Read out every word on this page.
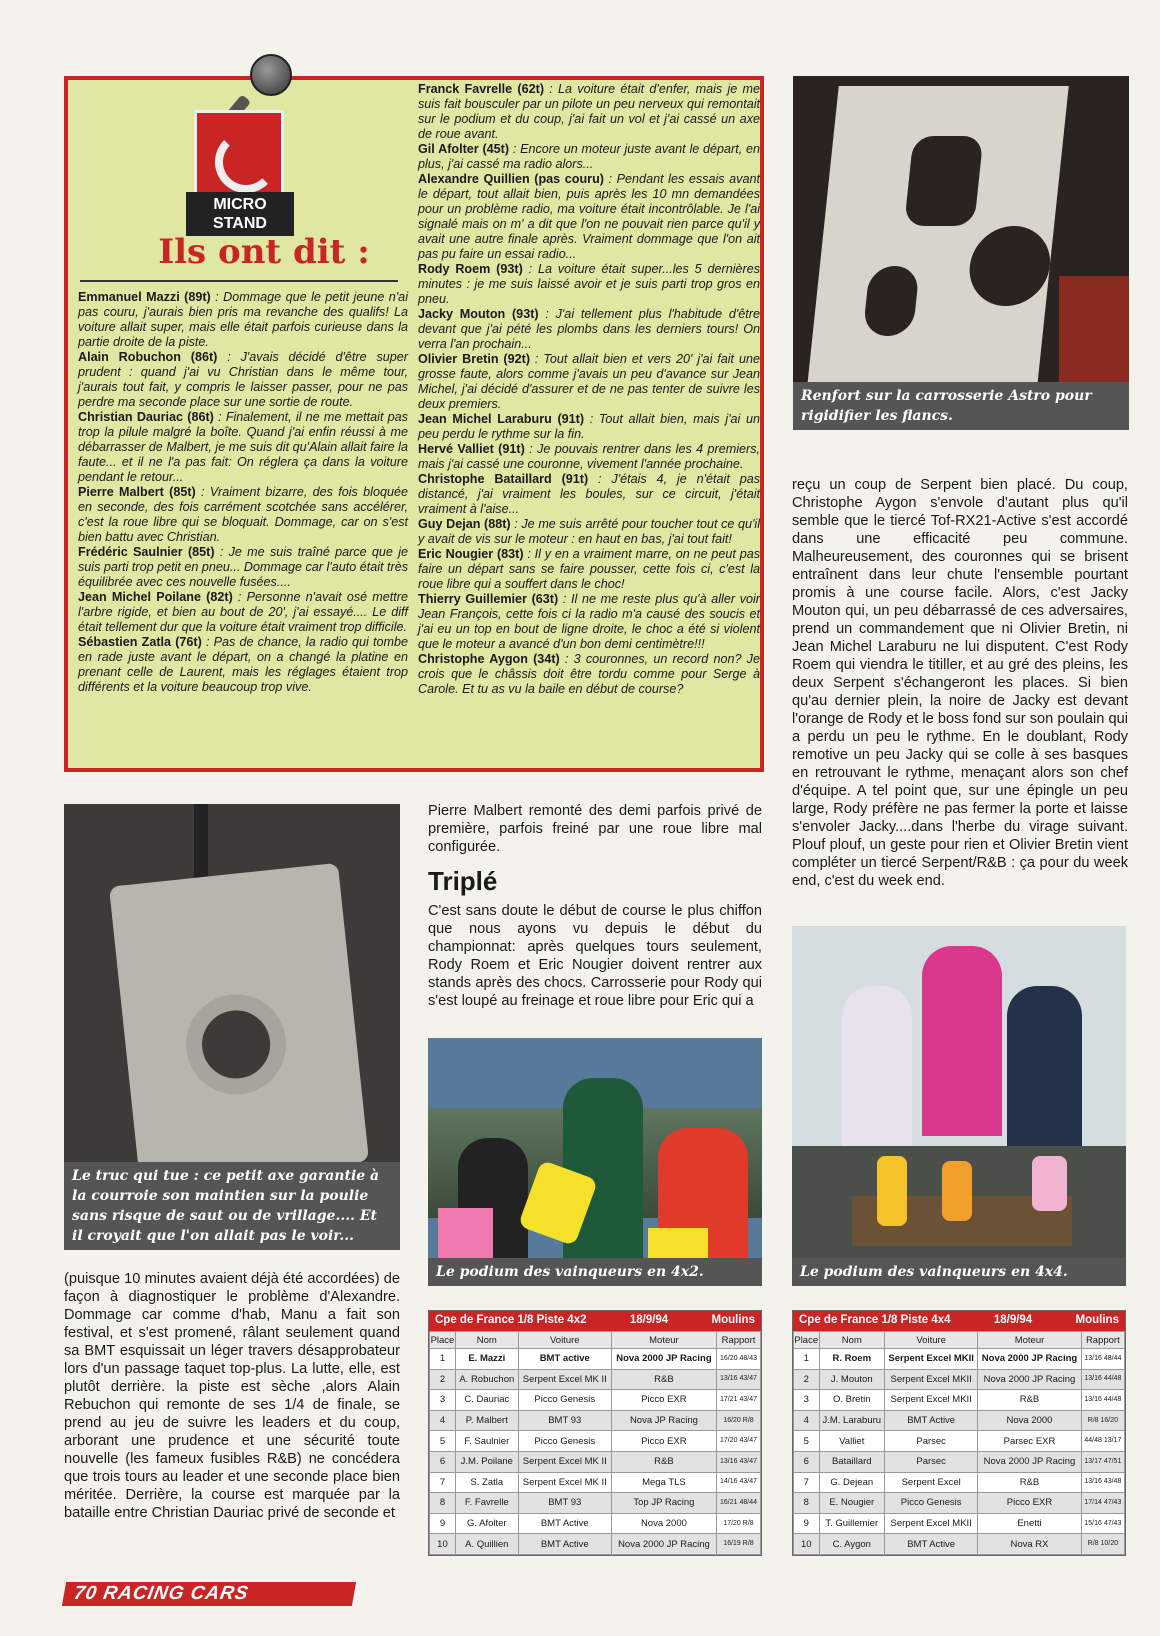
MICRO
STAND
Ils ont dit :

Emmanuel Mazzi (89t) : Dommage que le petit jeune n'ai pas couru, j'aurais bien pris ma revanche des qualifs! La voiture allait super, mais elle était parfois curieuse dans la partie droite de la piste.

Alain Robuchon (86t) : J'avais décidé d'être super prudent : quand j'ai vu Christian dans le même tour, j'aurais tout fait, y compris le laisser passer, pour ne pas perdre ma seconde place sur une sortie de route.

Christian Dauriac (86t) : Finalement, il ne me mettait pas trop la pilule malgré la boîte. Quand j'ai enfin réussi à me débarrasser de Malbert, je me suis dit qu'Alain allait faire la faute... et il ne l'a pas fait: On réglera ça dans la voiture pendant le retour...

Pierre Malbert (85t) : Vraiment bizarre, des fois bloquée en seconde, des fois carrément scotchée sans accélérer, c'est la roue libre qui se bloquait. Dommage, car on s'est bien battu avec Christian.

Frédéric Saulnier (85t) : Je me suis traîné parce que je suis parti trop petit en pneu... Dommage car l'auto était très équilibrée avec ces nouvelle fusées....

Jean Michel Poilane (82t) : Personne n'avait osé mettre l'arbre rigide, et bien au bout de 20', j'ai essayé.... Le diff était tellement dur que la voiture était vraiment trop difficile.

Sébastien Zatla (76t) : Pas de chance, la radio qui tombe en rade juste avant le départ, on a changé la platine en prenant celle de Laurent, mais les réglages étaient trop différents et la voiture beaucoup trop vive.

Franck Favrelle (62t) : La voiture était d'enfer, mais je me suis fait bousculer par un pilote un peu nerveux qui remontait sur le podium et du coup, j'ai fait un vol et j'ai cassé un axe de roue avant.

Gil Afolter (45t) : Encore un moteur juste avant le départ, en plus, j'ai cassé ma radio alors...

Alexandre Quillien (pas couru) : Pendant les essais avant le départ, tout allait bien, puis après les 10 mn demandées pour un problème radio, ma voiture était incontrôlable. Je l'ai signalé mais on m' a dit que l'on ne pouvait rien parce qu'il y avait une autre finale après. Vraiment dommage que l'on ait pas pu faire un essai radio...

Rody Roem (93t) : La voiture était super...les 5 dernières minutes : je me suis laissé avoir et je suis parti trop gros en pneu.

Jacky Mouton (93t) : J'ai tellement plus l'habitude d'être devant que j'ai pété les plombs dans les derniers tours! On verra l'an prochain...

Olivier Bretin (92t) : Tout allait bien et vers 20' j'ai fait une grosse faute, alors comme j'avais un peu d'avance sur Jean Michel, j'ai décidé d'assurer et de ne pas tenter de suivre les deux premiers.

Jean Michel Laraburu (91t) : Tout allait bien, mais j'ai un peu perdu le rythme sur la fin.

Hervé Valliet (91t) : Je pouvais rentrer dans les 4 premiers, mais j'ai cassé une couronne, vivement l'année prochaine.

Christophe Bataillard (91t) : J'étais 4, je n'était pas distancé, j'ai vraiment les boules, sur ce circuit, j'était vraiment à l'aise...

Guy Dejan (88t) : Je me suis arrêté pour toucher tout ce qu'il y avait de vis sur le moteur : en haut en bas, j'ai tout fait!

Eric Nougier (83t) : Il y en a vraiment marre, on ne peut pas faire un départ sans se faire pousser, cette fois ci, c'est la roue libre qui a souffert dans le choc!

Thierry Guillemier (63t) : Il ne me reste plus qu'à aller voir Jean François, cette fois ci la radio m'a causé des soucis et j'ai eu un top en bout de ligne droite, le choc a été si violent que le moteur a avancé d'un bon demi centimètre!!!

Christophe Aygon (34t) : 3 couronnes, un record non? Je crois que le châssis doit être tordu comme pour Serge à Carole. Et tu as vu la baile en début de course?

Renfort sur la carrosserie Astro pour rigidifier les flancs.
reçu un coup de Serpent bien placé. Du coup, Christophe Aygon s'envole d'autant plus qu'il semble que le tiercé Tof-RX21-Active s'est accordé dans une efficacité peu commune. Malheureusement, des couronnes qui se brisent entraînent dans leur chute l'ensemble pourtant promis à une course facile. Alors, c'est Jacky Mouton qui, un peu débarrassé de ces adversaires, prend un commandement que ni Olivier Bretin, ni Jean Michel Laraburu ne lui disputent. C'est Rody Roem qui viendra le titiller, et au gré des pleins, les deux Serpent s'échangeront les places. Si bien qu'au dernier plein, la noire de Jacky est devant l'orange de Rody et le boss fond sur son poulain qui a perdu un peu le rythme. En le doublant, Rody remotive un peu Jacky qui se colle à ses basques en retrouvant le rythme, menaçant alors son chef d'équipe. A tel point que, sur une épingle un peu large, Rody préfère ne pas fermer la porte et laisse s'envoler Jacky....dans l'herbe du virage suivant. Plouf plouf, un geste pour rien et Olivier Bretin vient compléter un tiercé Serpent/R&B : ça pour du week end, c'est du week end.
Le truc qui tue : ce petit axe garantie à la courroie son maintien sur la poulie sans risque de saut ou de vrillage.... Et il croyait que l'on allait pas le voir...
Pierre Malbert remonté des demi parfois privé de première, parfois freiné par une roue libre mal configurée.
Triplé
C'est sans doute le début de course le plus chiffon que nous ayons vu depuis le début du championnat: après quelques tours seulement, Rody Roem et Eric Nougier doivent rentrer aux stands après des chocs. Carrosserie pour Rody qui s'est loupé au freinage et roue libre pour Eric qui a
Le podium des vainqueurs en 4x2.	Le podium des vainqueurs en 4x4.
(puisque 10 minutes avaient déjà été accordées) de façon à diagnostiquer le problème d'Alexandre. Dommage car comme d'hab, Manu a fait son festival, et s'est promené, râlant seulement quand sa BMT esquissait un léger travers désapprobateur lors d'un passage taquet top-plus. La lutte, elle, est plutôt derrière. la piste est sèche ,alors Alain Rebuchon qui remonte de ses 1/4 de finale, se prend au jeu de suivre les leaders et du coup, arborant une prudence et une sécurité toute nouvelle (les fameux fusibles R&B) ne concédera que trois tours au leader et une seconde place bien méritée. Derrière, la course est marquée par la bataille entre Christian Dauriac privé de seconde et
Cpe de France 1/8 Piste 4x2	18/9/94	Moulins
Place	Nom	Voiture	Moteur	Rapport
1	E. Mazzi	BMT active	Nova 2000 JP Racing	16/20 48/43
2	A. Robuchon	Serpent Excel MK II	R&B	13/16 43/47
3	C. Dauriac	Picco Genesis	Picco EXR	17/21 43/47
4	P. Malbert	BMT 93	Nova JP Racing	16/20 R/8
5	F. Saulnier	Picco Genesis	Picco EXR	17/20 43/47
6	J.M. Poilane	Serpent Excel MK II	R&B	13/16 43/47
7	S. Zatla	Serpent Excel MK II	Mega TLS	14/16 43/47
8	F. Favrelle	BMT 93	Top JP Racing	16/21 48/44
9	G. Afolter	BMT Active	Nova 2000	17/20 R/8
10	A. Quillien	BMT Active	Nova 2000 JP Racing	16/19 R/8
Cpe de France 1/8 Piste 4x4	18/9/94	Moulins
Place	Nom	Voiture	Moteur	Rapport
1	R. Roem	Serpent Excel MKII	Nova 2000 JP Racing	13/16 48/44
2	J. Mouton	Serpent Excel MKII	Nova 2000 JP Racing	13/16 44/48
3	O. Bretin	Serpent Excel MKII	R&B	13/16 44/48
4	J.M. Laraburu	BMT Active	Nova 2000	R/8 16/20
5	Valliet	Parsec	Parsec EXR	44/48 13/17
6	Bataillard	Parsec	Nova 2000 JP Racing	13/17 47/51
7	G. Dejean	Serpent Excel	R&B	13/16 43/48
8	E. Nougier	Picco Genesis	Picco EXR	17/14 47/43
9	T. Guillemier	Serpent Excel MKII	Enetti	15/16 47/43
10	C. Aygon	BMT Active	Nova RX	R/8 10/20
70 RACING CARS
